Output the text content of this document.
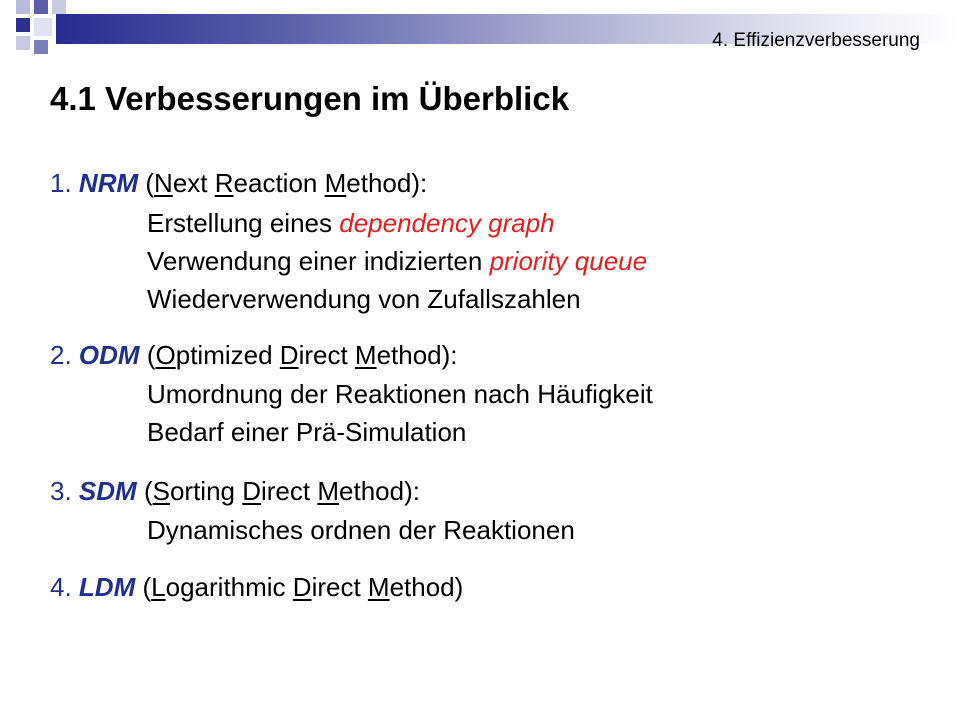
4. Effizienzverbesserung
4.1 Verbesserungen im Überblick
1. NRM (Next Reaction Method):
Erstellung eines dependency graph
Verwendung einer indizierten priority queue
Wiederverwendung von Zufallszahlen
2. ODM (Optimized Direct Method):
Umordnung der Reaktionen nach Häufigkeit
Bedarf einer Prä-Simulation
3. SDM (Sorting Direct Method):
Dynamisches ordnen der Reaktionen
4. LDM (Logarithmic Direct Method)
